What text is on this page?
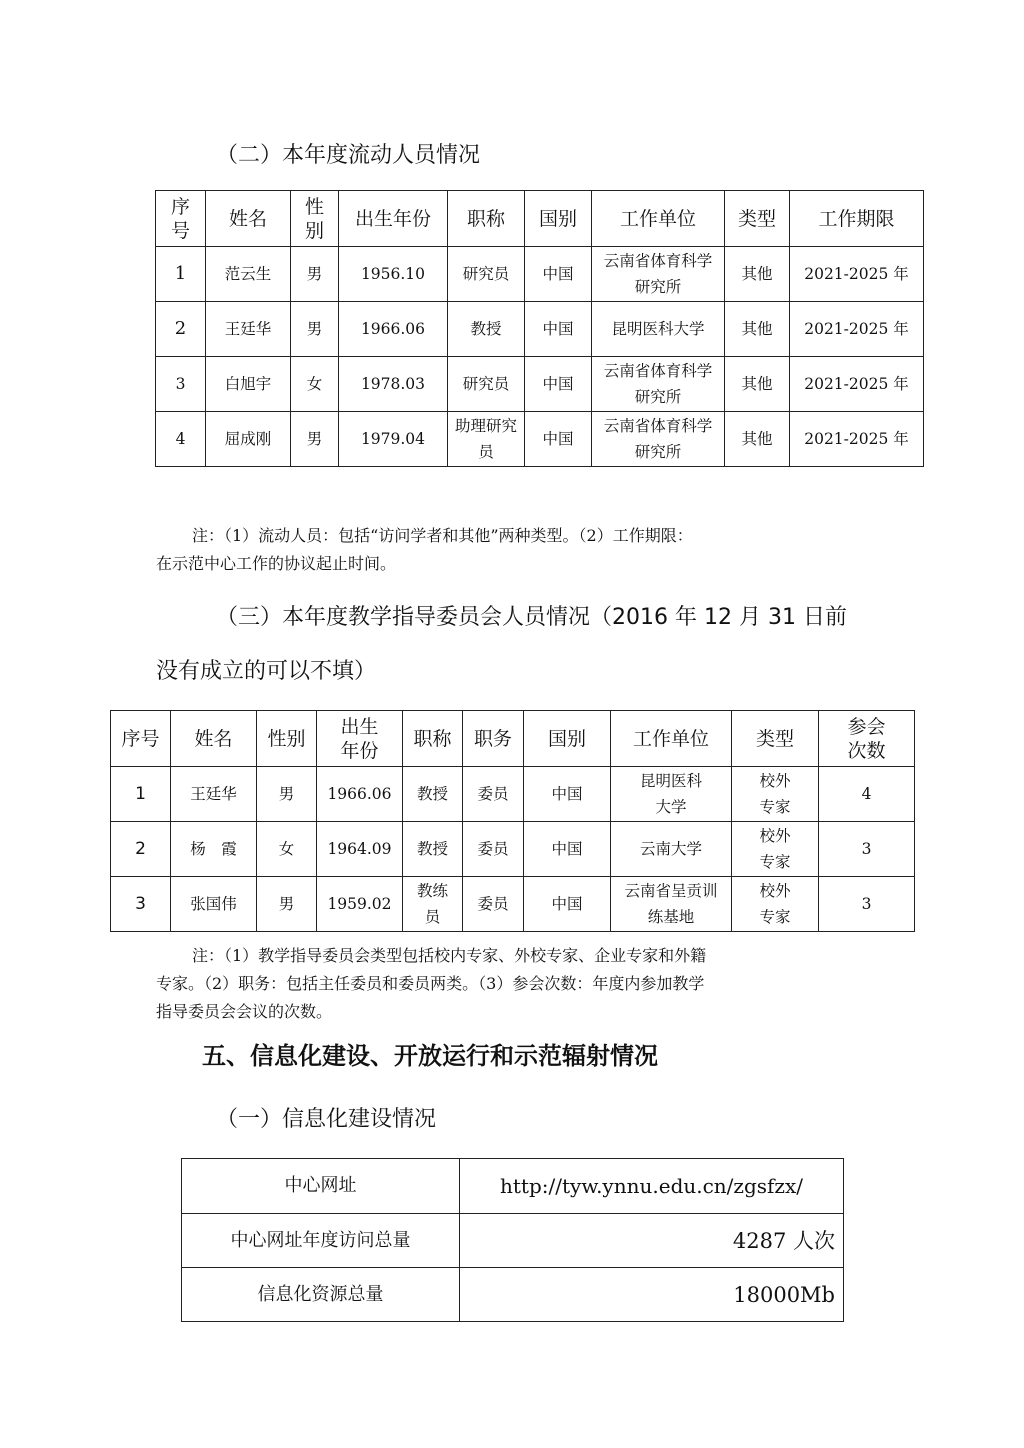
（二）本年度流动人员情况
序号	姓名	性别	出生年份	职称	国别	工作单位	类型	工作期限
1	范云生	男	1956.10	研究员	中国	云南省体育科学研究所	其他	2021-2025 年
2	王廷华	男	1966.06	教授	中国	昆明医科大学	其他	2021-2025 年
3	白旭宇	女	1978.03	研究员	中国	云南省体育科学研究所	其他	2021-2025 年
4	屈成刚	男	1979.04	助理研究员	中国	云南省体育科学研究所	其他	2021-2025 年
注：（1）流动人员：包括“访问学者和其他”两种类型。（2）工作期限：
在示范中心工作的协议起止时间。
（三）本年度教学指导委员会人员情况（2016 年 12 月 31 日前
没有成立的可以不填）
序号	姓名	性别	出生年份	职称	职务	国别	工作单位	类型	参会次数
1	王廷华	男	1966.06	教授	委员	中国	昆明医科大学	校外专家	4
2	杨　霞	女	1964.09	教授	委员	中国	云南大学	校外专家	3
3	张国伟	男	1959.02	教练员	委员	中国	云南省呈贡训练基地	校外专家	3
注：（1）教学指导委员会类型包括校内专家、外校专家、企业专家和外籍
专家。（2）职务：包括主任委员和委员两类。（3）参会次数：年度内参加教学
指导委员会会议的次数。
五、信息化建设、开放运行和示范辐射情况
（一）信息化建设情况
中心网址	http://tyw.ynnu.edu.cn/zgsfzx/
中心网址年度访问总量	4287 人次
信息化资源总量	18000Mb
